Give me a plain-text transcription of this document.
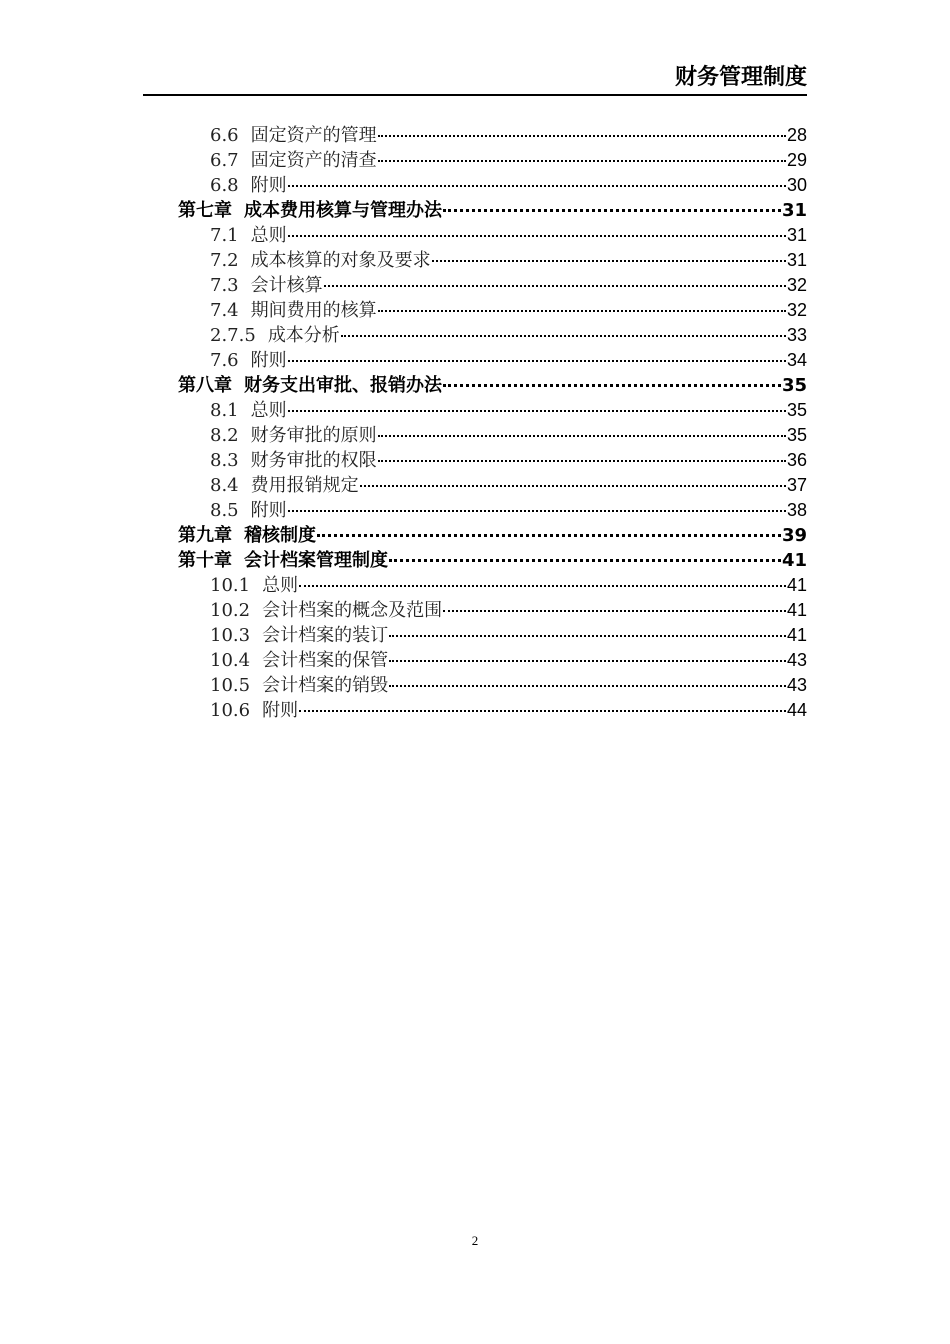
财务管理制度
6.6 固定资产的管理	28
6.7 固定资产的清查	29
6.8 附则	30
第七章 成本费用核算与管理办法	31
7.1 总则	31
7.2 成本核算的对象及要求	31
7.3 会计核算	32
7.4 期间费用的核算	32
2.7.5 成本分析	33
7.6 附则	34
第八章 财务支出审批、报销办法	35
8.1 总则	35
8.2 财务审批的原则	35
8.3 财务审批的权限	36
8.4 费用报销规定	37
8.5 附则	38
第九章 稽核制度	39
第十章 会计档案管理制度	41
10.1 总则	41
10.2 会计档案的概念及范围	41
10.3 会计档案的装订	41
10.4 会计档案的保管	43
10.5 会计档案的销毁	43
10.6 附则	44
2
